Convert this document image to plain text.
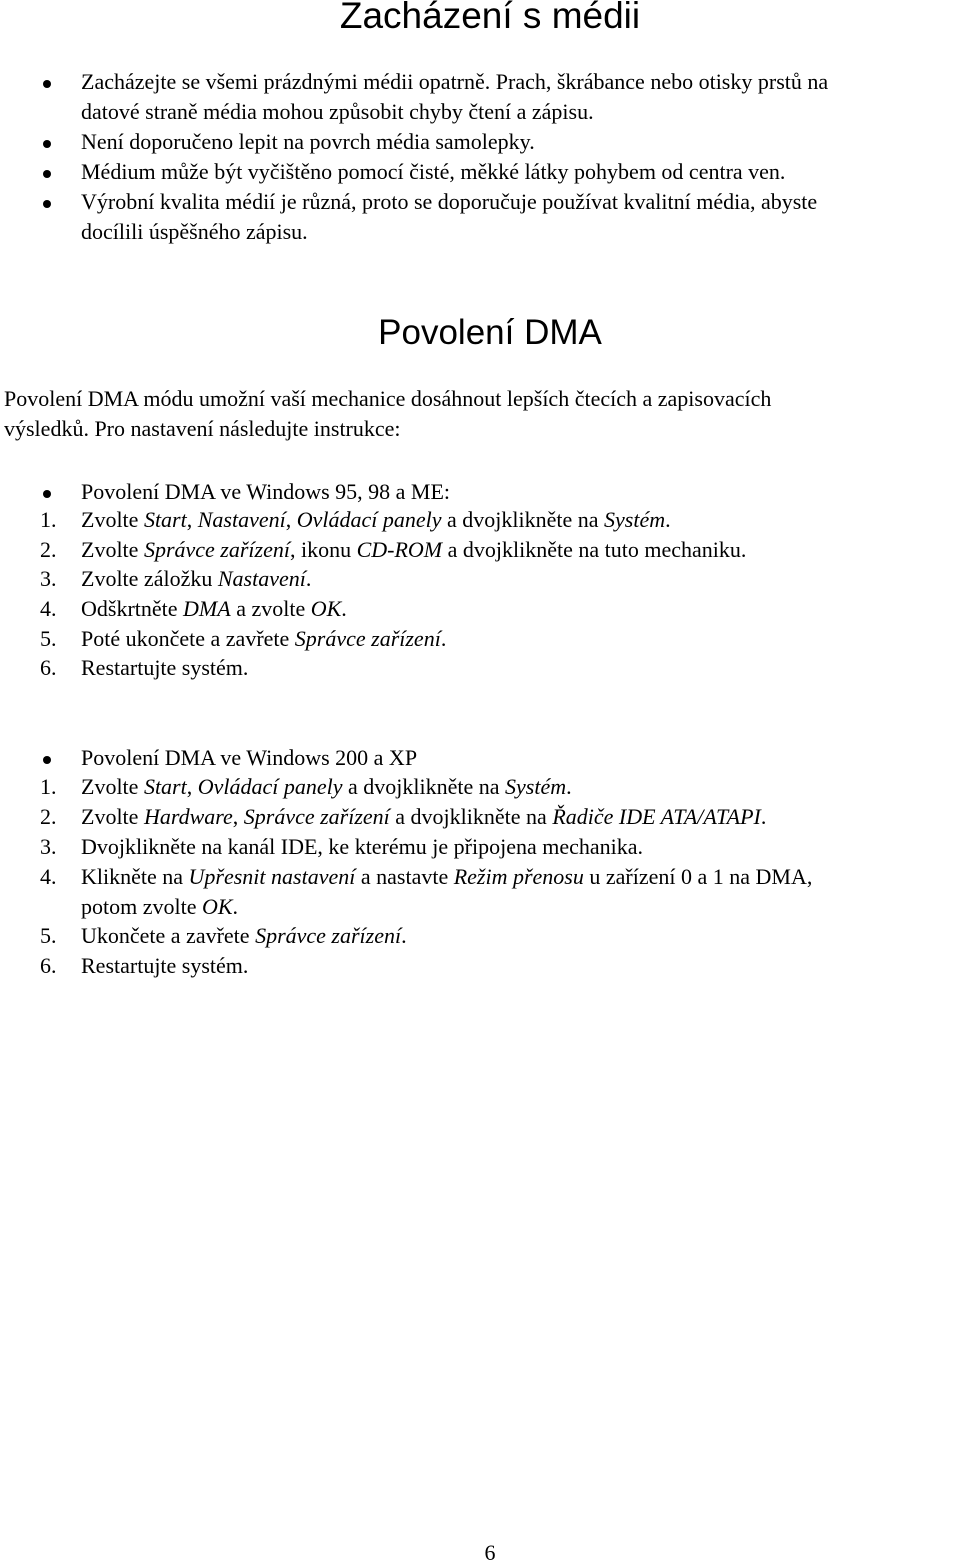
Zacházení s médii
Zacházejte se všemi prázdnými médii opatrně. Prach, škrábance nebo otisky prstů na
datové straně média mohou způsobit chyby čtení a zápisu.
Není doporučeno lepit na povrch média samolepky.
Médium může být vyčištěno pomocí čisté, měkké látky pohybem od centra ven.
Výrobní kvalita médií je různá, proto se doporučuje používat kvalitní média, abyste
docílili úspěšného zápisu.
Povolení DMA
Povolení DMA módu umožní vaší mechanice dosáhnout lepších čtecích a zapisovacích
výsledků. Pro nastavení následujte instrukce:
Povolení DMA ve Windows 95, 98 a ME:
1. Zvolte Start, Nastavení, Ovládací panely a dvojklikněte na Systém.
2. Zvolte Správce zařízení, ikonu CD-ROM a dvojklikněte na tuto mechaniku.
3. Zvolte záložku Nastavení.
4. Odškrtněte DMA a zvolte OK.
5. Poté ukončete a zavřete Správce zařízení.
6. Restartujte systém.
Povolení DMA ve Windows 200 a XP
1. Zvolte Start, Ovládací panely a dvojklikněte na Systém.
2. Zvolte Hardware, Správce zařízení a dvojklikněte na Řadiče IDE ATA/ATAPI.
3. Dvojklikněte na kanál IDE, ke kterému je připojena mechanika.
4. Klikněte na Upřesnit nastavení a nastavte Režim přenosu u zařízení 0 a 1 na DMA,
potom zvolte OK.
5. Ukončete a zavřete Správce zařízení.
6. Restartujte systém.
6
